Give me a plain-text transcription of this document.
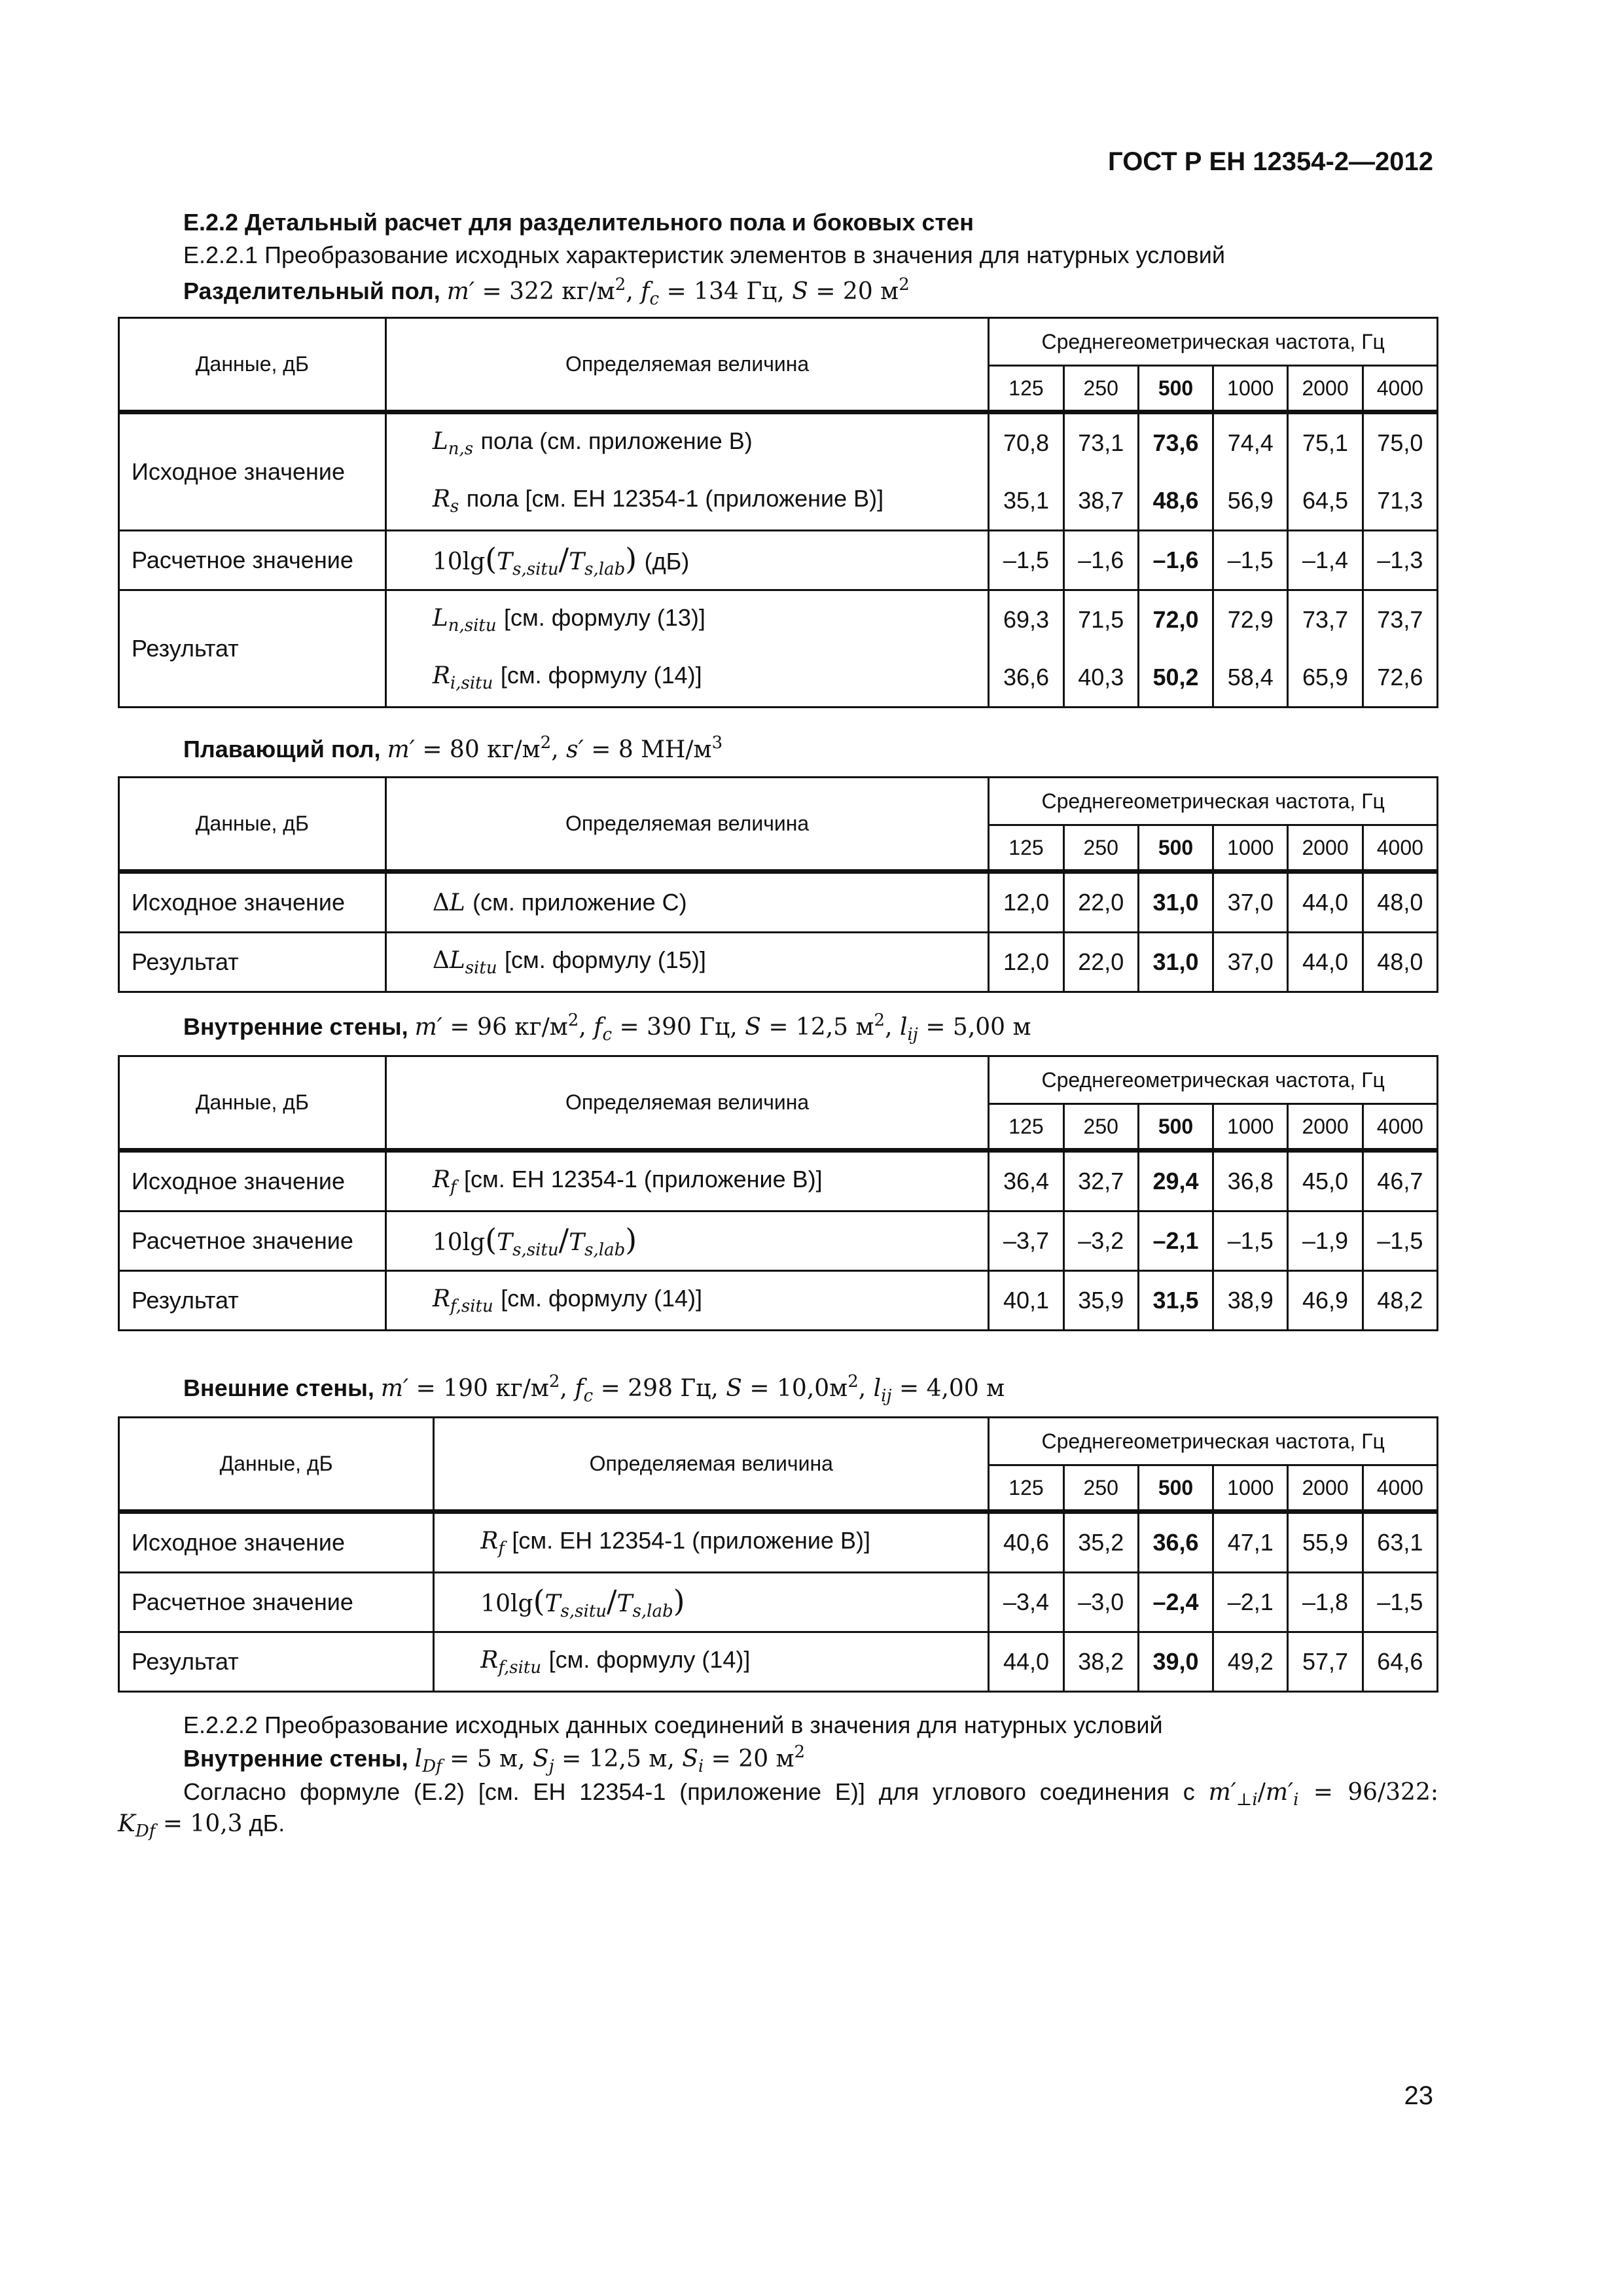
ГОСТ Р ЕН 12354-2—2012
E.2.2 Детальный расчет для разделительного пола и боковых стен
E.2.2.1 Преобразование исходных характеристик элементов в значения для натурных условий
Разделительный пол, m′ = 322 $кг/м^2$, $f_c = 134$ Гц, S = 20 $м^2$
Данные, дБ	Определяемая величина	Среднегеометрическая частота, Гц					
		125	250	500	1000	2000	4000
Исходное значение	$L_{n,s}$ пола (см. приложение В)	70,8	73,1	73,6	74,4	75,1	75,0
	$R_s$ пола [см. ЕН 12354-1 (приложение В)]	35,1	38,7	48,6	56,9	64,5	71,3
Расчетное значение	$10\lg(T_{s,situ}/T_{s,lab})$ (дБ)	–1,5	–1,6	–1,6	–1,5	–1,4	–1,3
Результат	$L_{n,situ}$ [см. формулу (13)]	69,3	71,5	72,0	72,9	73,7	73,7
	$R_{i,situ}$ [см. формулу (14)]	36,6	40,3	50,2	58,4	65,9	72,6
Плавающий пол, m′ = 80 $кг/м^2$, s′ = 8 $МН/м^3$
Данные, дБ	Определяемая величина	Среднегеометрическая частота, Гц					
		125	250	500	1000	2000	4000
Исходное значение	ΔL (см. приложение С)	12,0	22,0	31,0	37,0	44,0	48,0
Результат	$\Delta L_{situ}$ [см. формулу (15)]	12,0	22,0	31,0	37,0	44,0	48,0
Внутренние стены, m′ = 96 $кг/м^2$, $f_c = 390$ Гц, S = 12,5 $м^2$, $l_{ij} = 5,00$ м
Данные, дБ	Определяемая величина	Среднегеометрическая частота, Гц					
		125	250	500	1000	2000	4000
Исходное значение	$R_f$ [см. ЕН 12354-1 (приложение В)]	36,4	32,7	29,4	36,8	45,0	46,7
Расчетное значение	$10\lg(T_{s,situ}/T_{s,lab})$	–3,7	–3,2	–2,1	–1,5	–1,9	–1,5
Результат	$R_{f,situ}$ [см. формулу (14)]	40,1	35,9	31,5	38,9	46,9	48,2
Внешние стены, m′ = 190 $кг/м^2$, $f_c = 298$ Гц, $S = 10,0м^2$, $l_{ij} = 4,00$ м
Данные, дБ	Определяемая величина	Среднегеометрическая частота, Гц					
		125	250	500	1000	2000	4000
Исходное значение	$R_f$ [см. ЕН 12354-1 (приложение В)]	40,6	35,2	36,6	47,1	55,9	63,1
Расчетное значение	$10\lg(T_{s,situ}/T_{s,lab})$	–3,4	–3,0	–2,4	–2,1	–1,8	–1,5
Результат	$R_{f,situ}$ [см. формулу (14)]	44,0	38,2	39,0	49,2	57,7	64,6
E.2.2.2 Преобразование исходных данных соединений в значения для натурных условий
Внутренние стены, $l_{Df} = 5$ м, $S_j = 12,5$ м, $S_i = 20$ $м^2$
Согласно формуле (Е.2) [см. ЕН 12354-1 (приложение Е)] для углового соединения с $m'_{\perp i}/m'_i = 96/322$:
$K_{Df} = 10,3$ дБ.
23
